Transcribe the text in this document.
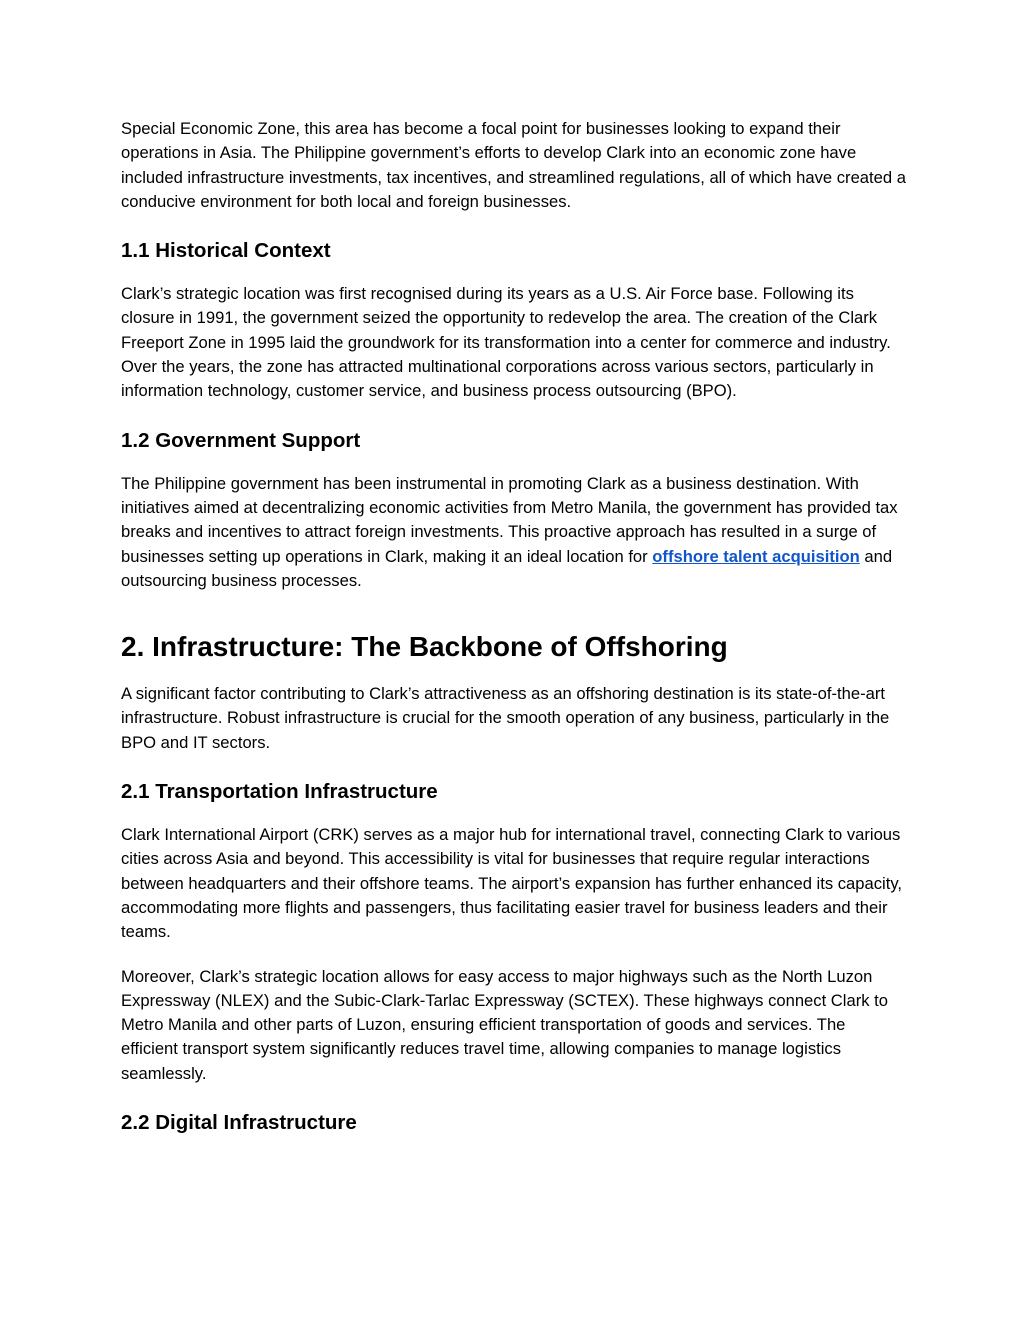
Special Economic Zone, this area has become a focal point for businesses looking to expand their operations in Asia. The Philippine government’s efforts to develop Clark into an economic zone have included infrastructure investments, tax incentives, and streamlined regulations, all of which have created a conducive environment for both local and foreign businesses.

1.1 Historical Context

Clark’s strategic location was first recognised during its years as a U.S. Air Force base. Following its closure in 1991, the government seized the opportunity to redevelop the area. The creation of the Clark Freeport Zone in 1995 laid the groundwork for its transformation into a center for commerce and industry. Over the years, the zone has attracted multinational corporations across various sectors, particularly in information technology, customer service, and business process outsourcing (BPO).

1.2 Government Support

The Philippine government has been instrumental in promoting Clark as a business destination. With initiatives aimed at decentralizing economic activities from Metro Manila, the government has provided tax breaks and incentives to attract foreign investments. This proactive approach has resulted in a surge of businesses setting up operations in Clark, making it an ideal location for offshore talent acquisition and outsourcing business processes.

2. Infrastructure: The Backbone of Offshoring

A significant factor contributing to Clark’s attractiveness as an offshoring destination is its state-of-the-art infrastructure. Robust infrastructure is crucial for the smooth operation of any business, particularly in the BPO and IT sectors.

2.1 Transportation Infrastructure

Clark International Airport (CRK) serves as a major hub for international travel, connecting Clark to various cities across Asia and beyond. This accessibility is vital for businesses that require regular interactions between headquarters and their offshore teams. The airport’s expansion has further enhanced its capacity, accommodating more flights and passengers, thus facilitating easier travel for business leaders and their teams.

Moreover, Clark’s strategic location allows for easy access to major highways such as the North Luzon Expressway (NLEX) and the Subic-Clark-Tarlac Expressway (SCTEX). These highways connect Clark to Metro Manila and other parts of Luzon, ensuring efficient transportation of goods and services. The efficient transport system significantly reduces travel time, allowing companies to manage logistics seamlessly.

2.2 Digital Infrastructure
